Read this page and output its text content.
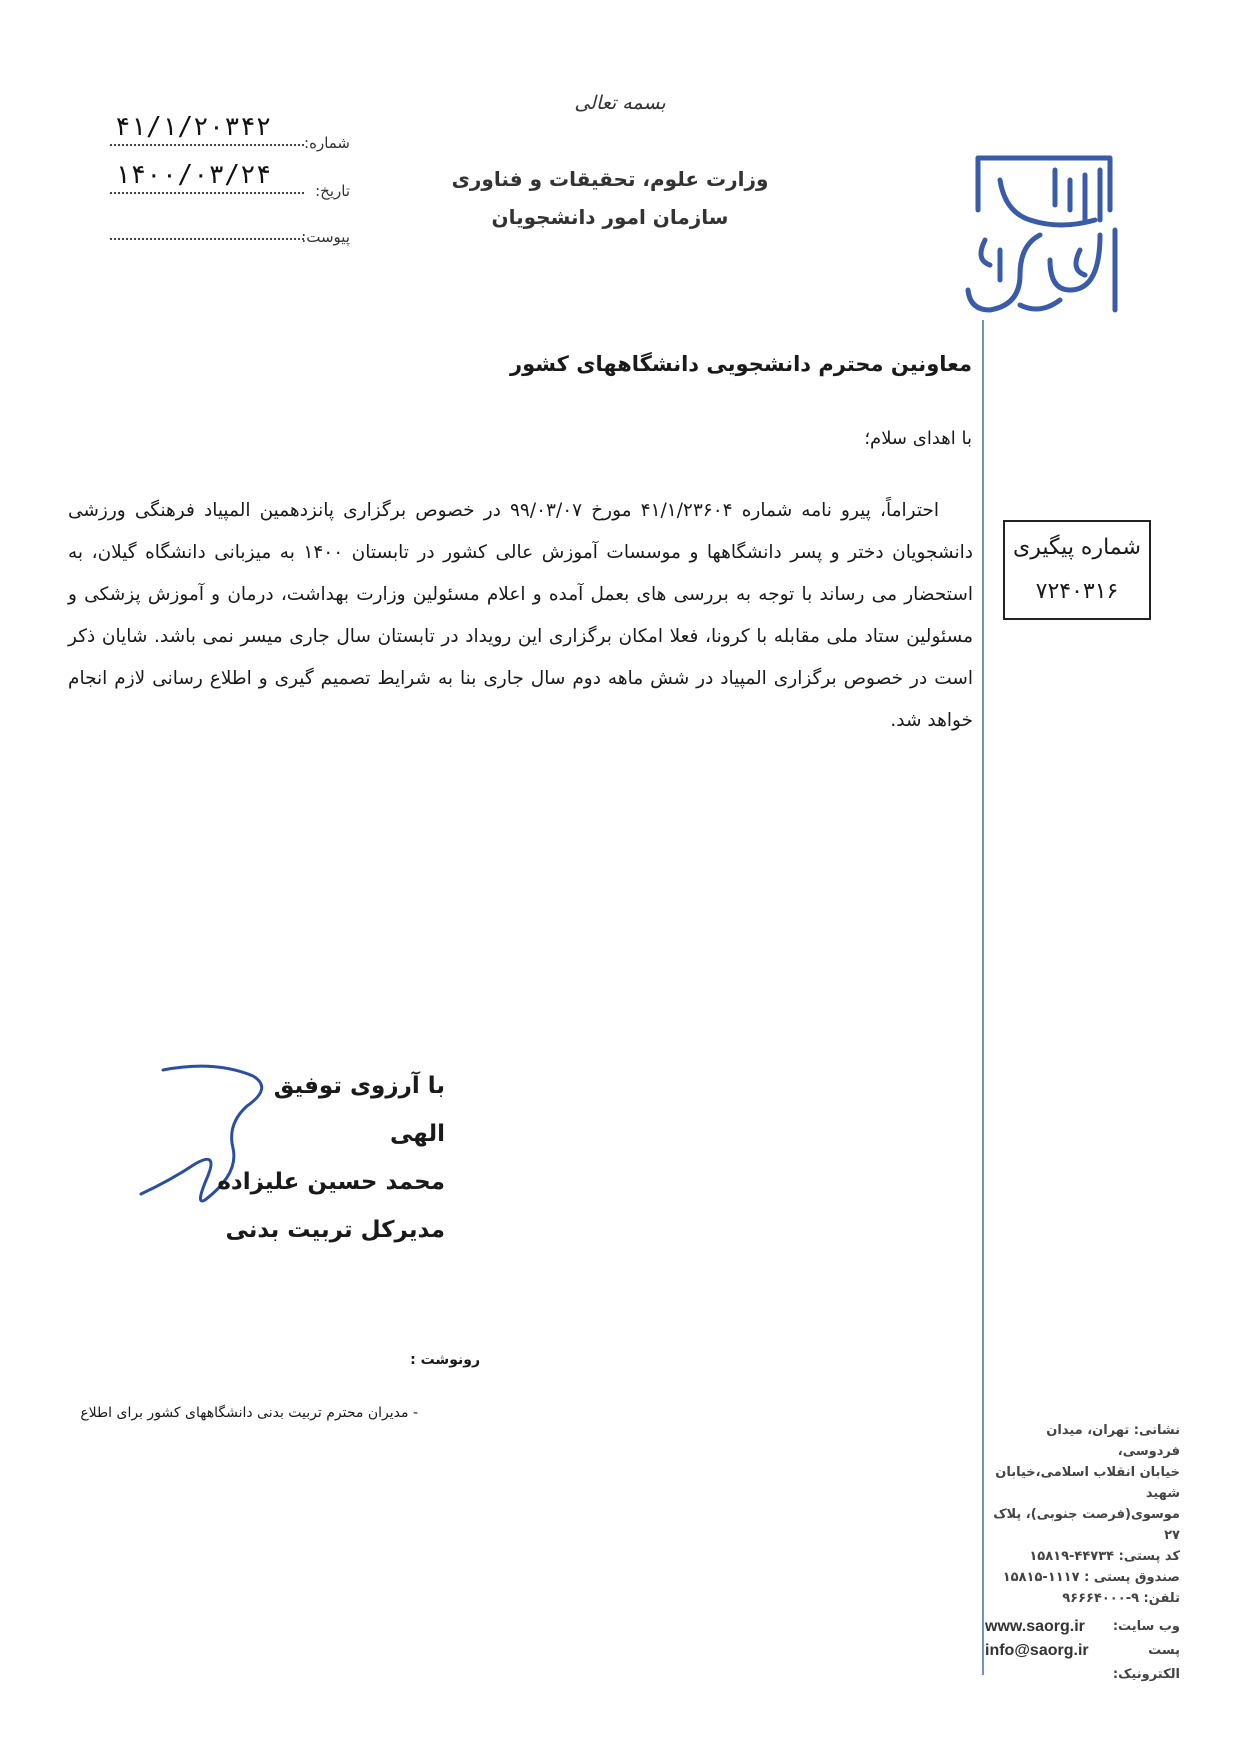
بسمه تعالی
وزارت علوم، تحقیقات و فناوری
سازمان امور دانشجویان
شماره:
۴۱/۱/۲۰۳۴۲
تاریخ:
۱۴۰۰/۰۳/۲۴
پیوست:
معاونین محترم دانشجویی دانشگاههای کشور
با اهدای سلام؛
احتراماً، پیرو نامه شماره ۴۱/۱/۲۳۶۰۴ مورخ ۹۹/۰۳/۰۷ در خصوص برگزاری پانزدهمین المپیاد فرهنگی ورزشی دانشجویان دختر و پسر دانشگاهها و موسسات آموزش عالی کشور در تابستان ۱۴۰۰ به میزبانی دانشگاه گیلان، به استحضار می رساند با توجه به بررسی های بعمل آمده و اعلام مسئولین وزارت بهداشت، درمان و آموزش پزشکی و مسئولین ستاد ملی مقابله با کرونا، فعلا امکان برگزاری این رویداد در تابستان سال جاری میسر نمی باشد. شایان ذکر است در خصوص برگزاری المپیاد در شش ماهه دوم سال جاری بنا به شرایط تصمیم گیری و اطلاع رسانی لازم انجام خواهد شد.
شماره پیگیری
۷۲۴۰۳۱۶
با آرزوی توفیق الهی
محمد حسین علیزاده
مدیرکل تربیت بدنی
رونوشت :
- مدیران محترم تربیت بدنی دانشگاههای کشور برای اطلاع
نشانی: تهران، میدان فردوسی،
خیابان انقلاب اسلامی،خیابان شهید
موسوی(فرصت جنوبی)، پلاک ۲۷
کد پستی: ۴۴۷۳۴-۱۵۸۱۹
صندوق پستی : ۱۱۱۷-۱۵۸۱۵
تلفن: ۹-۹۶۶۶۴۰۰۰
وب سایت:
www.saorg.ir
پست الکترونیک:
info@saorg.ir
